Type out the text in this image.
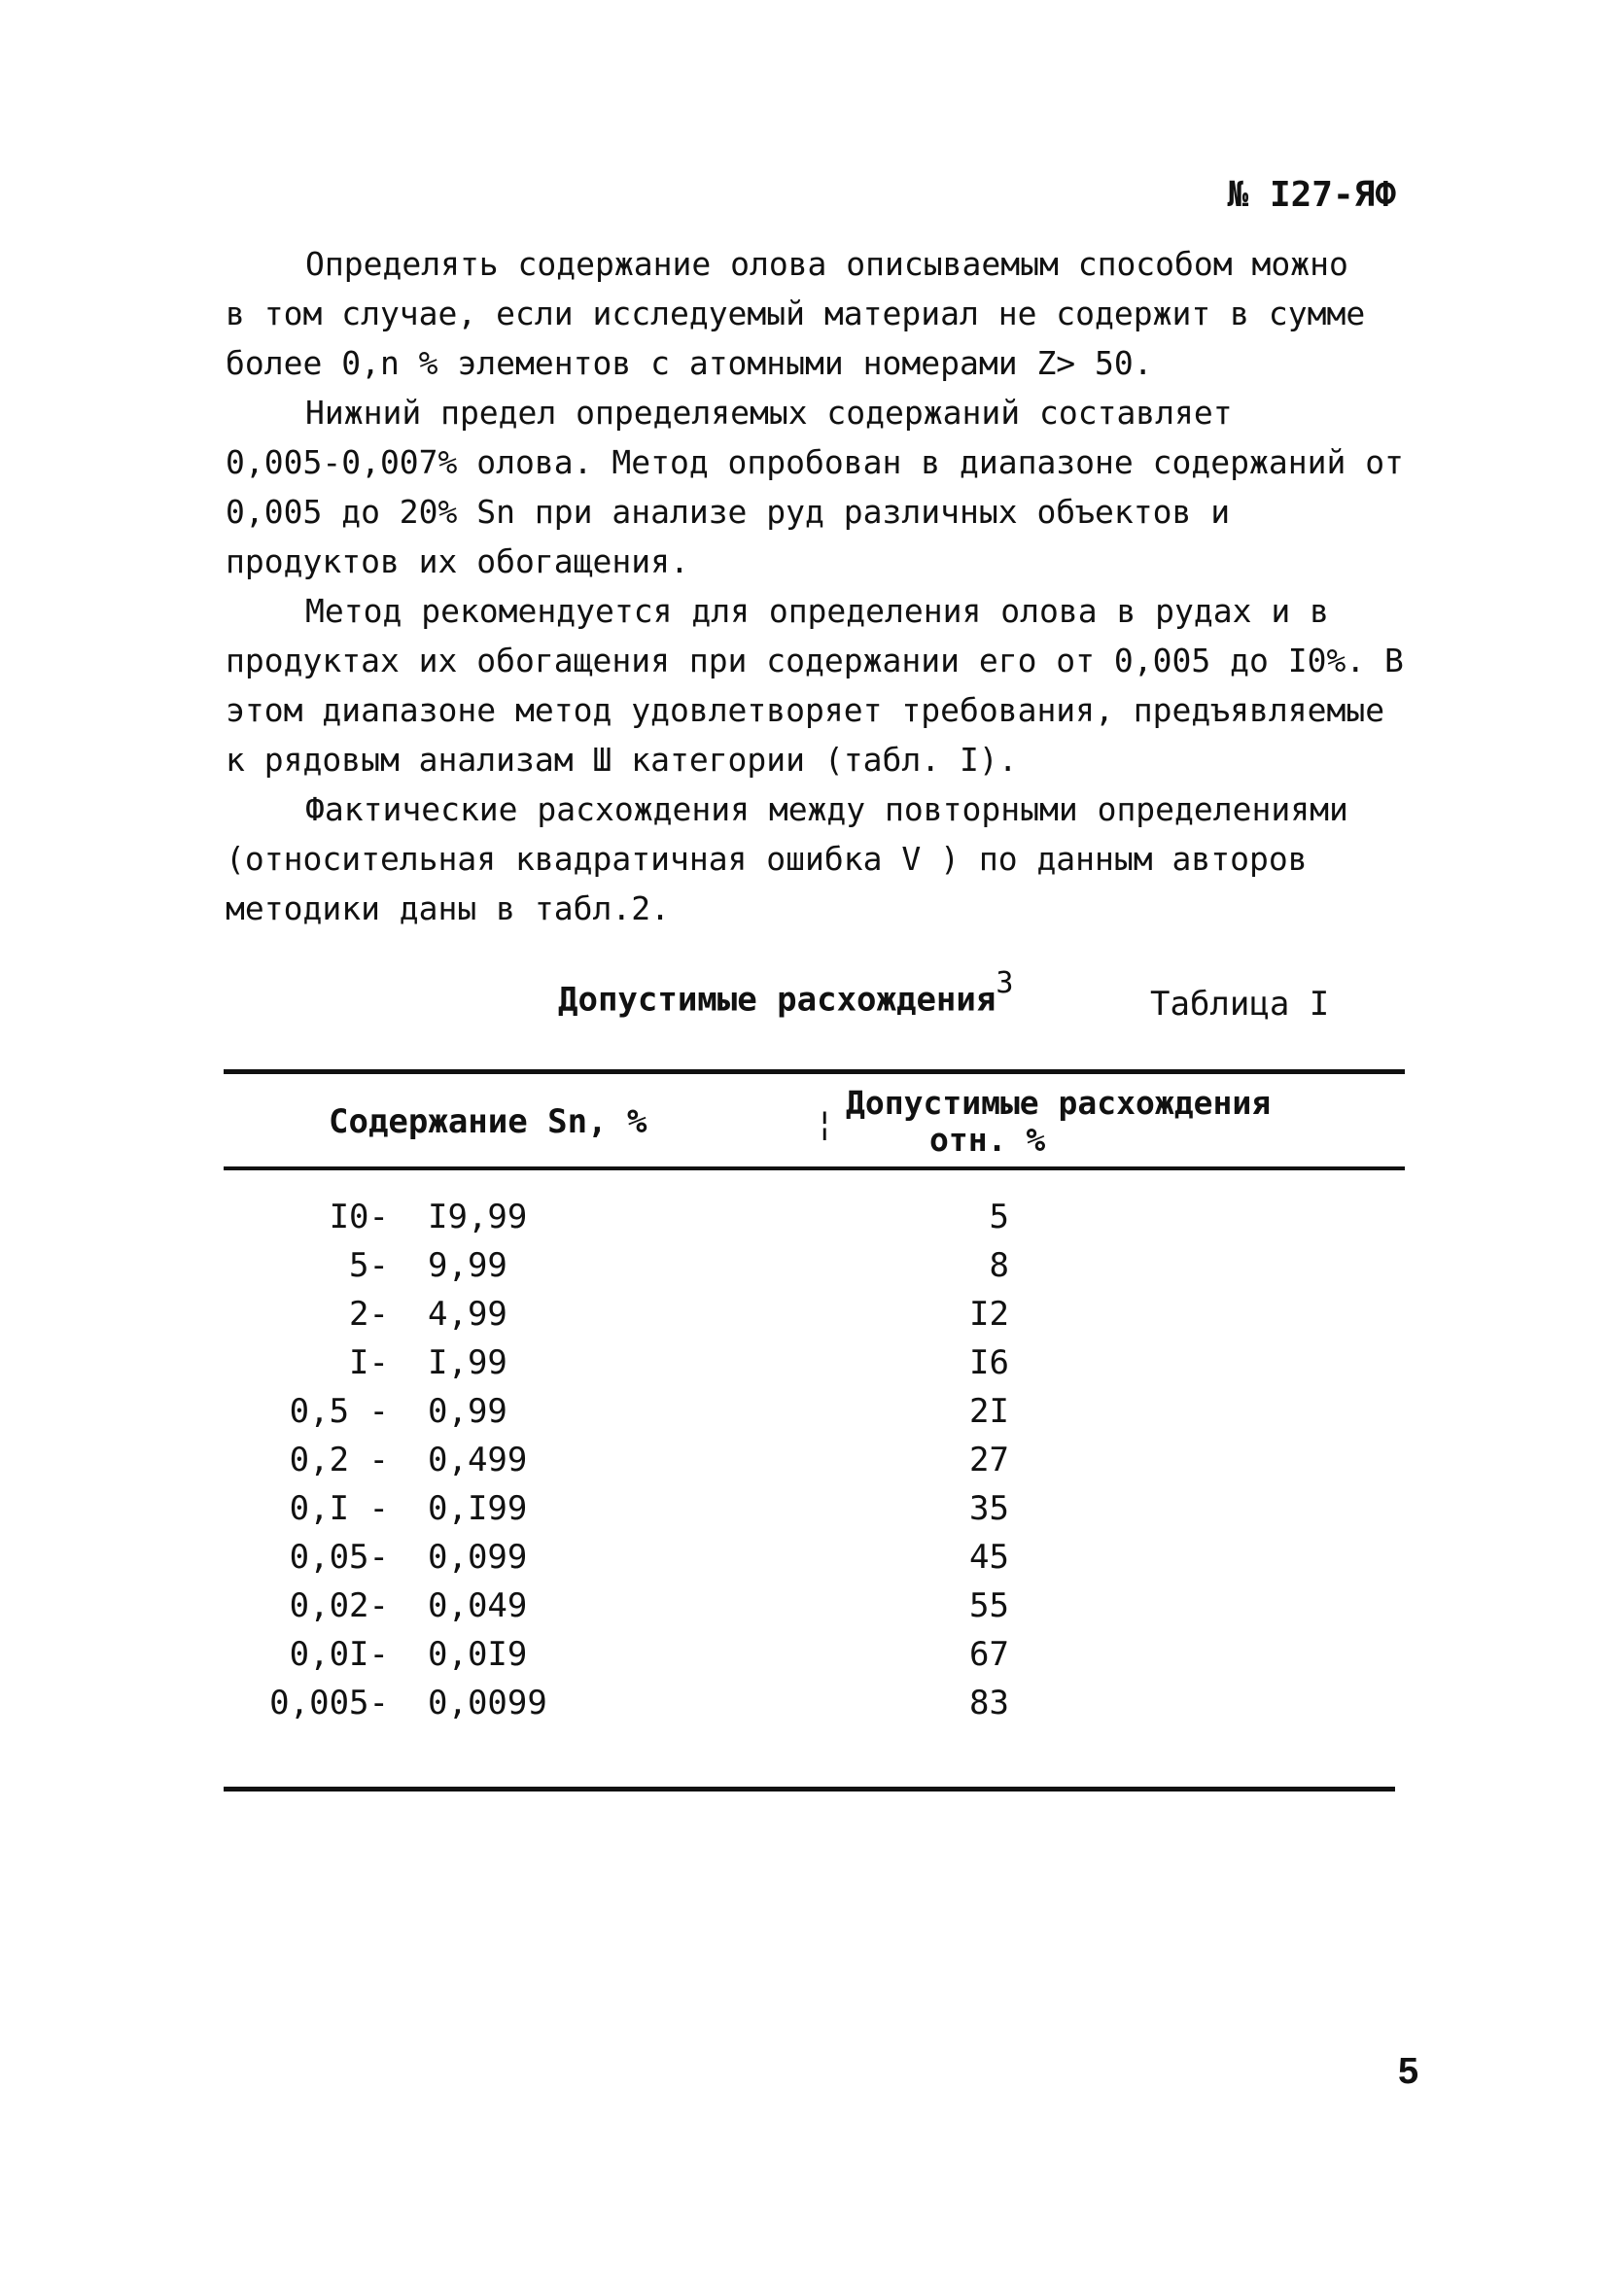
№ I27-ЯФ

Определять содержание олова описываемым способом можно
в том случае, если исследуемый материал не содержит в сумме более 0,n % элементов с атомными номерами Z> 50.

Нижний предел определяемых содержаний составляет
0,005-0,007% олова. Метод опробован в диапазоне содержаний от 0,005 до 20% Sn при анализе руд различных объектов и продуктов их обогащения.

Метод рекомендуется для определения олова в рудах и в
продуктах их обогащения при содержании его от 0,005 до I0%. В этом диапазоне метод удовлетворяет требования, предъявляемые к рядовым анализам Ш категории (табл. I).

Фактические расхождения между повторными определениями
(относительная квадратичная ошибка V ) по данным авторов методики даны в табл.2.

Допустимые расхождения$^3$
Таблица I
Содержание Sn, %	¦
Допустимые расхождения
отн. %
I0- I9,99	5
5- 9,99	8
2- 4,99	I2
I- I,99	I6
0,5 - 0,99	2I
0,2 - 0,499	27
0,I - 0,I99	35
0,05- 0,099	45
0,02- 0,049	55
0,0I- 0,0I9	67
0,005- 0,0099	83
5
